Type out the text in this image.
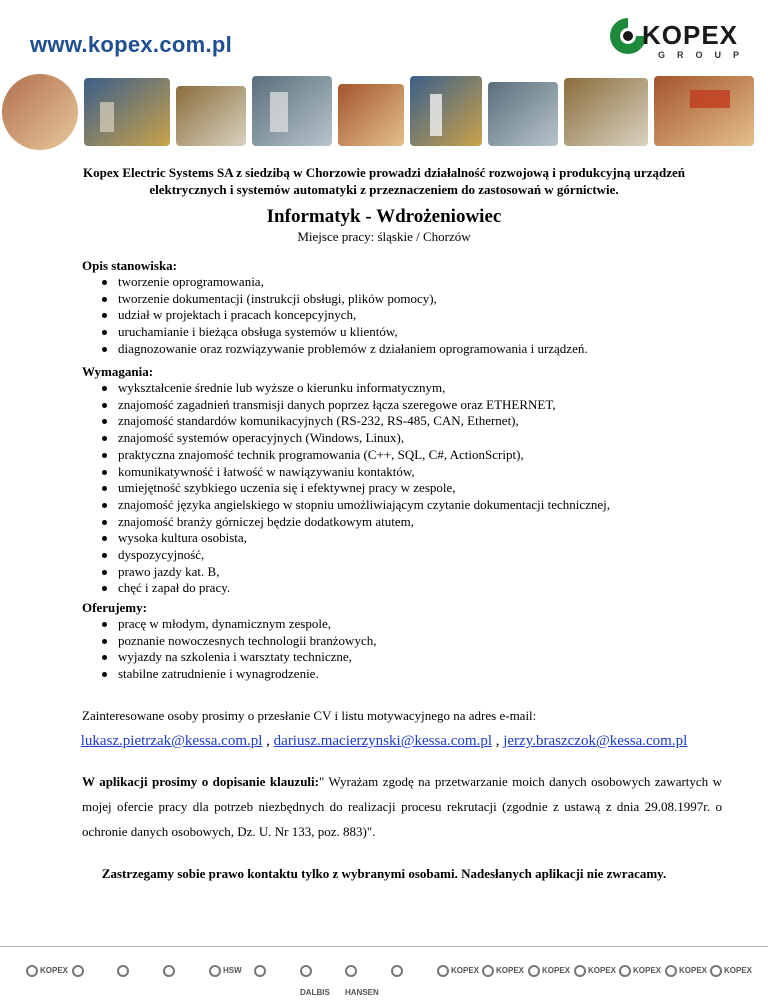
www.kopex.com.pl	KOPEX
GROUP
Kopex Electric Systems SA z siedzibą w Chorzowie prowadzi działalność rozwojową i produkcyjną urządzeń elektrycznych i systemów automatyki z przeznaczeniem do zastosowań w górnictwie.
Informatyk - Wdrożeniowiec
Miejsce pracy: śląskie / Chorzów
Opis stanowiska:
tworzenie oprogramowania,
tworzenie dokumentacji (instrukcji obsługi, plików pomocy),
udział w projektach i pracach koncepcyjnych,
uruchamianie i bieżąca obsługa systemów u klientów,
diagnozowanie oraz rozwiązywanie problemów z działaniem oprogramowania i urządzeń.
Wymagania:
wykształcenie średnie lub wyższe o kierunku informatycznym,
znajomość zagadnień transmisji danych poprzez łącza szeregowe oraz ETHERNET,
znajomość standardów komunikacyjnych (RS-232, RS-485, CAN, Ethernet),
znajomość systemów operacyjnych (Windows, Linux),
praktyczna znajomość technik programowania (C++, SQL, C#, ActionScript),
komunikatywność i łatwość w nawiązywaniu kontaktów,
umiejętność szybkiego uczenia się i efektywnej pracy w zespole,
znajomość języka angielskiego w stopniu umożliwiającym czytanie dokumentacji technicznej,
znajomość branży górniczej będzie dodatkowym atutem,
wysoka kultura osobista,
dyspozycyjność,
prawo jazdy kat. B,
chęć i zapał do pracy.
Oferujemy:
pracę w młodym, dynamicznym zespole,
poznanie nowoczesnych technologii branżowych,
wyjazdy na szkolenia i warsztaty techniczne,
stabilne zatrudnienie i wynagrodzenie.
Zainteresowane osoby prosimy o przesłanie CV i listu motywacyjnego na adres e-mail:
lukasz.pietrzak@kessa.com.pl , dariusz.macierzynski@kessa.com.pl , jerzy.braszczok@kessa.com.pl
W aplikacji prosimy o dopisanie klauzuli:" Wyrażam zgodę na przetwarzanie moich danych osobowych zawartych w mojej ofercie pracy dla potrzeb niezbędnych do realizacji procesu rekrutacji (zgodnie z ustawą z dnia 29.08.1997r. o ochronie danych osobowych, Dz. U. Nr 133, poz. 883)".
Zastrzegamy sobie prawo kontaktu tylko z wybranymi osobami. Nadesłanych aplikacji nie zwracamy.
KOPEX	HSW
DALBIS	HANSEN
KOPEX	KOPEX	KOPEX	KOPEX	KOPEX	KOPEX	KOPEX
